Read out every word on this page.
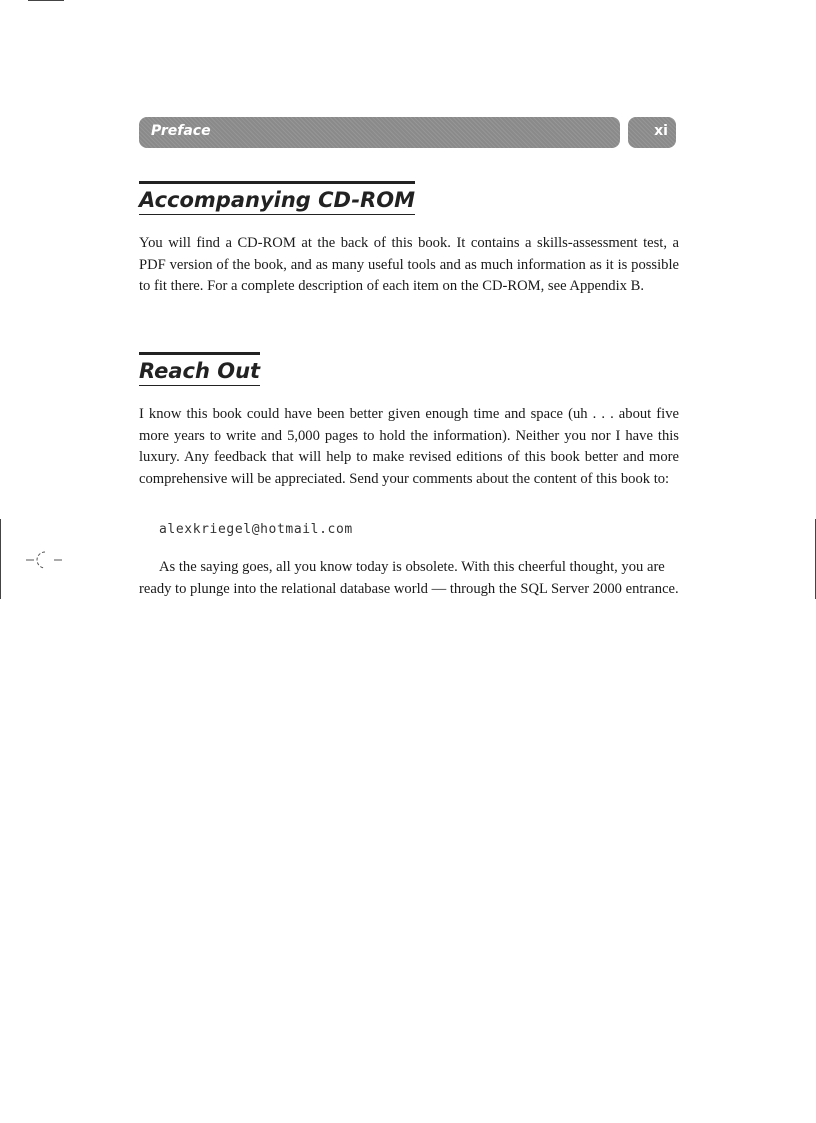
Preface	xi
Accompanying CD-ROM

You will find a CD-ROM at the back of this book. It contains a skills-assessment test, a PDF version of the book, and as many useful tools and as much information as it is possible to fit there. For a complete description of each item on the CD-ROM, see Appendix B.

Reach Out

I know this book could have been better given enough time and space (uh . . . about five more years to write and 5,000 pages to hold the information). Neither you nor I have this luxury. Any feedback that will help to make revised editions of this book better and more comprehensive will be appreciated. Send your comments about the content of this book to:

alexkriegel@hotmail.com

As the saying goes, all you know today is obsolete. With this cheerful thought, you are ready to plunge into the relational database world — through the SQL Server 2000 entrance.
